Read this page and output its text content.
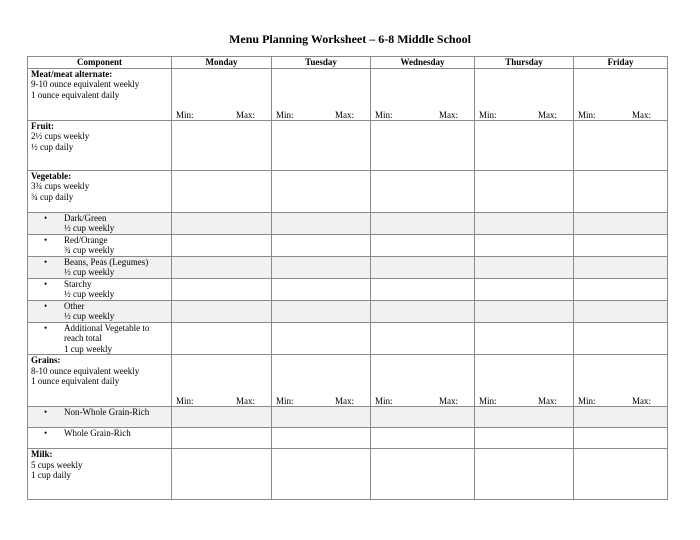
Menu Planning Worksheet – 6-8 Middle School
Component	Monday	Tuesday	Wednesday	Thursday	Friday

Meat/meat alternate:
9-10 ounce equivalent weekly
1 ounce equivalent daily	Min: Max:	Min: Max:	Min: Max:	Min: Max:	Min: Max:

Fruit:
2½ cups weekly
½ cup daily					

Vegetable:
3¾ cups weekly
¾ cup daily					

• Dark/Green
½ cup weekly					

• Red/Orange
¾ cup weekly					

• Beans, Peas (Legumes)
½ cup weekly					

• Starchy
½ cup weekly					

• Other
½ cup weekly					

• Additional Vegetable to
reach total
1 cup weekly					

Grains:
8-10 ounce equivalent weekly
1 ounce equivalent daily	Min: Max:	Min: Max:	Min: Max:	Min: Max:	Min: Max:

• Non-Whole Grain-Rich					

• Whole Grain-Rich					

Milk:
5 cups weekly
1 cup daily					
